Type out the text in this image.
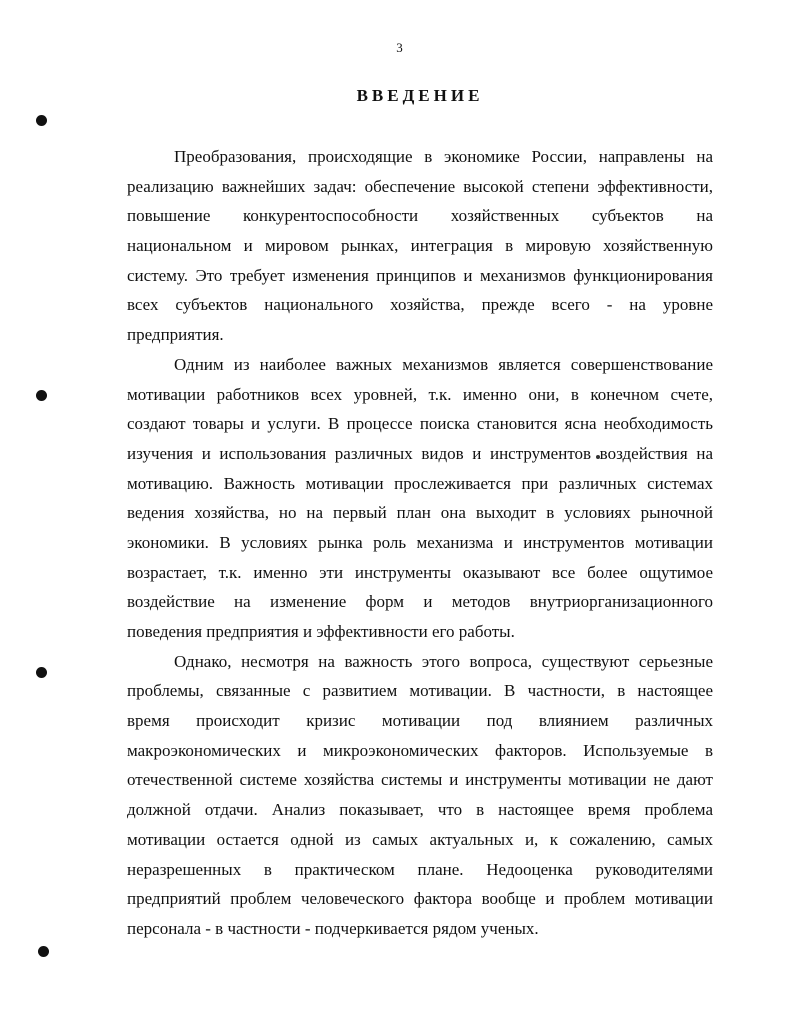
3
ВВЕДЕНИЕ
Преобразования, происходящие в экономике России, направлены на
реализацию важнейших задач: обеспечение высокой степени эффективности,
повышение конкурентоспособности хозяйственных субъектов на
национальном и мировом рынках, интеграция в мировую хозяйственную
систему. Это требует изменения принципов и механизмов функционирования
всех субъектов национального хозяйства, прежде всего - на уровне
предприятия.
Одним из наиболее важных механизмов является совершенствование
мотивации работников всех уровней, т.к. именно они, в конечном счете,
создают товары и услуги. В процессе поиска становится ясна необходимость
изучения и использования различных видов и инструментов воздействия на
мотивацию. Важность мотивации прослеживается при различных системах
ведения хозяйства, но на первый план она выходит в условиях рыночной
экономики. В условиях рынка роль механизма и инструментов мотивации
возрастает, т.к. именно эти инструменты оказывают все более ощутимое
воздействие на изменение форм и методов внутриорганизационного
поведения предприятия и эффективности его работы.
Однако, несмотря на важность этого вопроса, существуют серьезные
проблемы, связанные с развитием мотивации. В частности, в настоящее
время происходит кризис мотивации под влиянием различных
макроэкономических и микроэкономических факторов. Используемые в
отечественной системе хозяйства системы и инструменты мотивации не дают
должной отдачи. Анализ показывает, что в настоящее время проблема
мотивации остается одной из самых актуальных и, к сожалению, самых
неразрешенных в практическом плане. Недооценка руководителями
предприятий проблем человеческого фактора вообще и проблем мотивации
персонала - в частности - подчеркивается рядом ученых.
